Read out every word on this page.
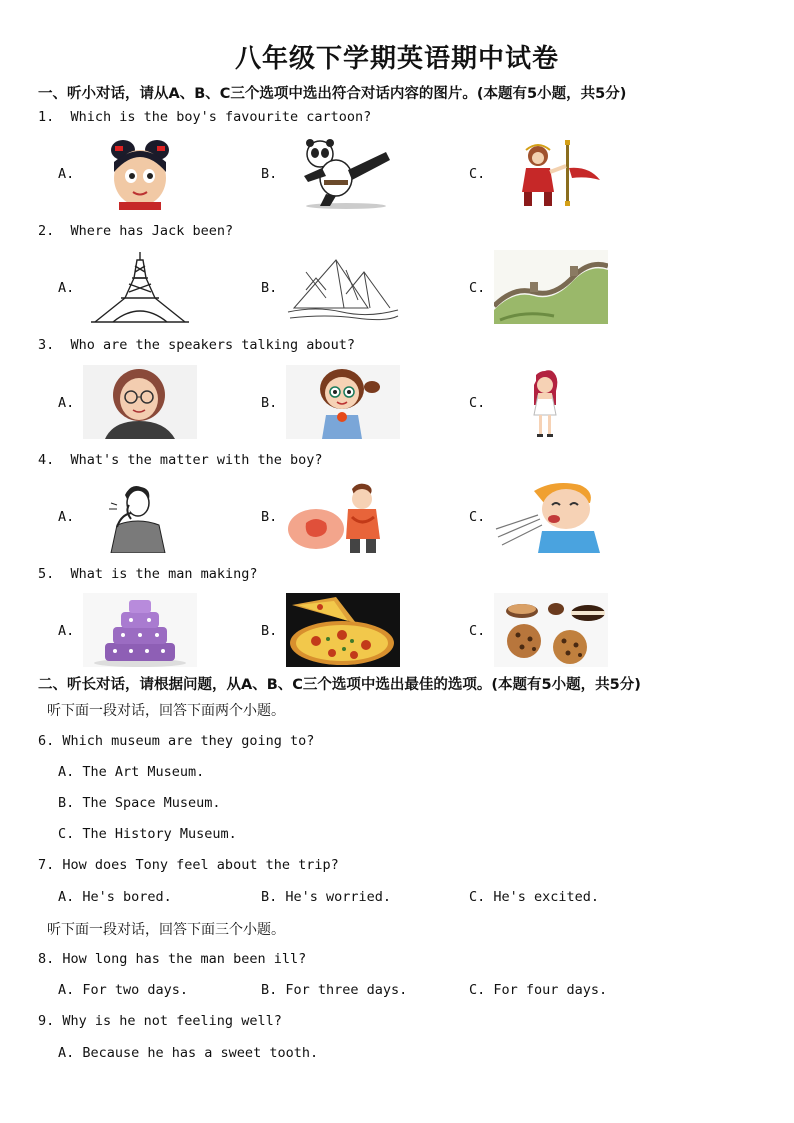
八年级下学期英语期中试卷
一、听小对话，请从A、B、C三个选项中选出符合对话内容的图片。(本题有5小题，共5分)
1. Which is the boy's favourite cartoon?
A.	B.	C.
2. Where has Jack been?
A.	B.	C.
3. Who are the speakers talking about?
A.	B.	C.
4. What's the matter with the boy?
A.	B.	C.
5. What is the man making?
A.	B.	C.
二、听长对话，请根据问题，从A、B、C三个选项中选出最佳的选项。(本题有5小题，共5分)
听下面一段对话，回答下面两个小题。
6. Which museum are they going to?
A. The Art Museum.
B. The Space Museum.
C. The History Museum.
7. How does Tony feel about the trip?
A. He's bored.	B. He's worried.	C. He's excited.
听下面一段对话，回答下面三个小题。
8. How long has the man been ill?
A. For two days.	B. For three days.	C. For four days.
9. Why is he not feeling well?
A. Because he has a sweet tooth.
